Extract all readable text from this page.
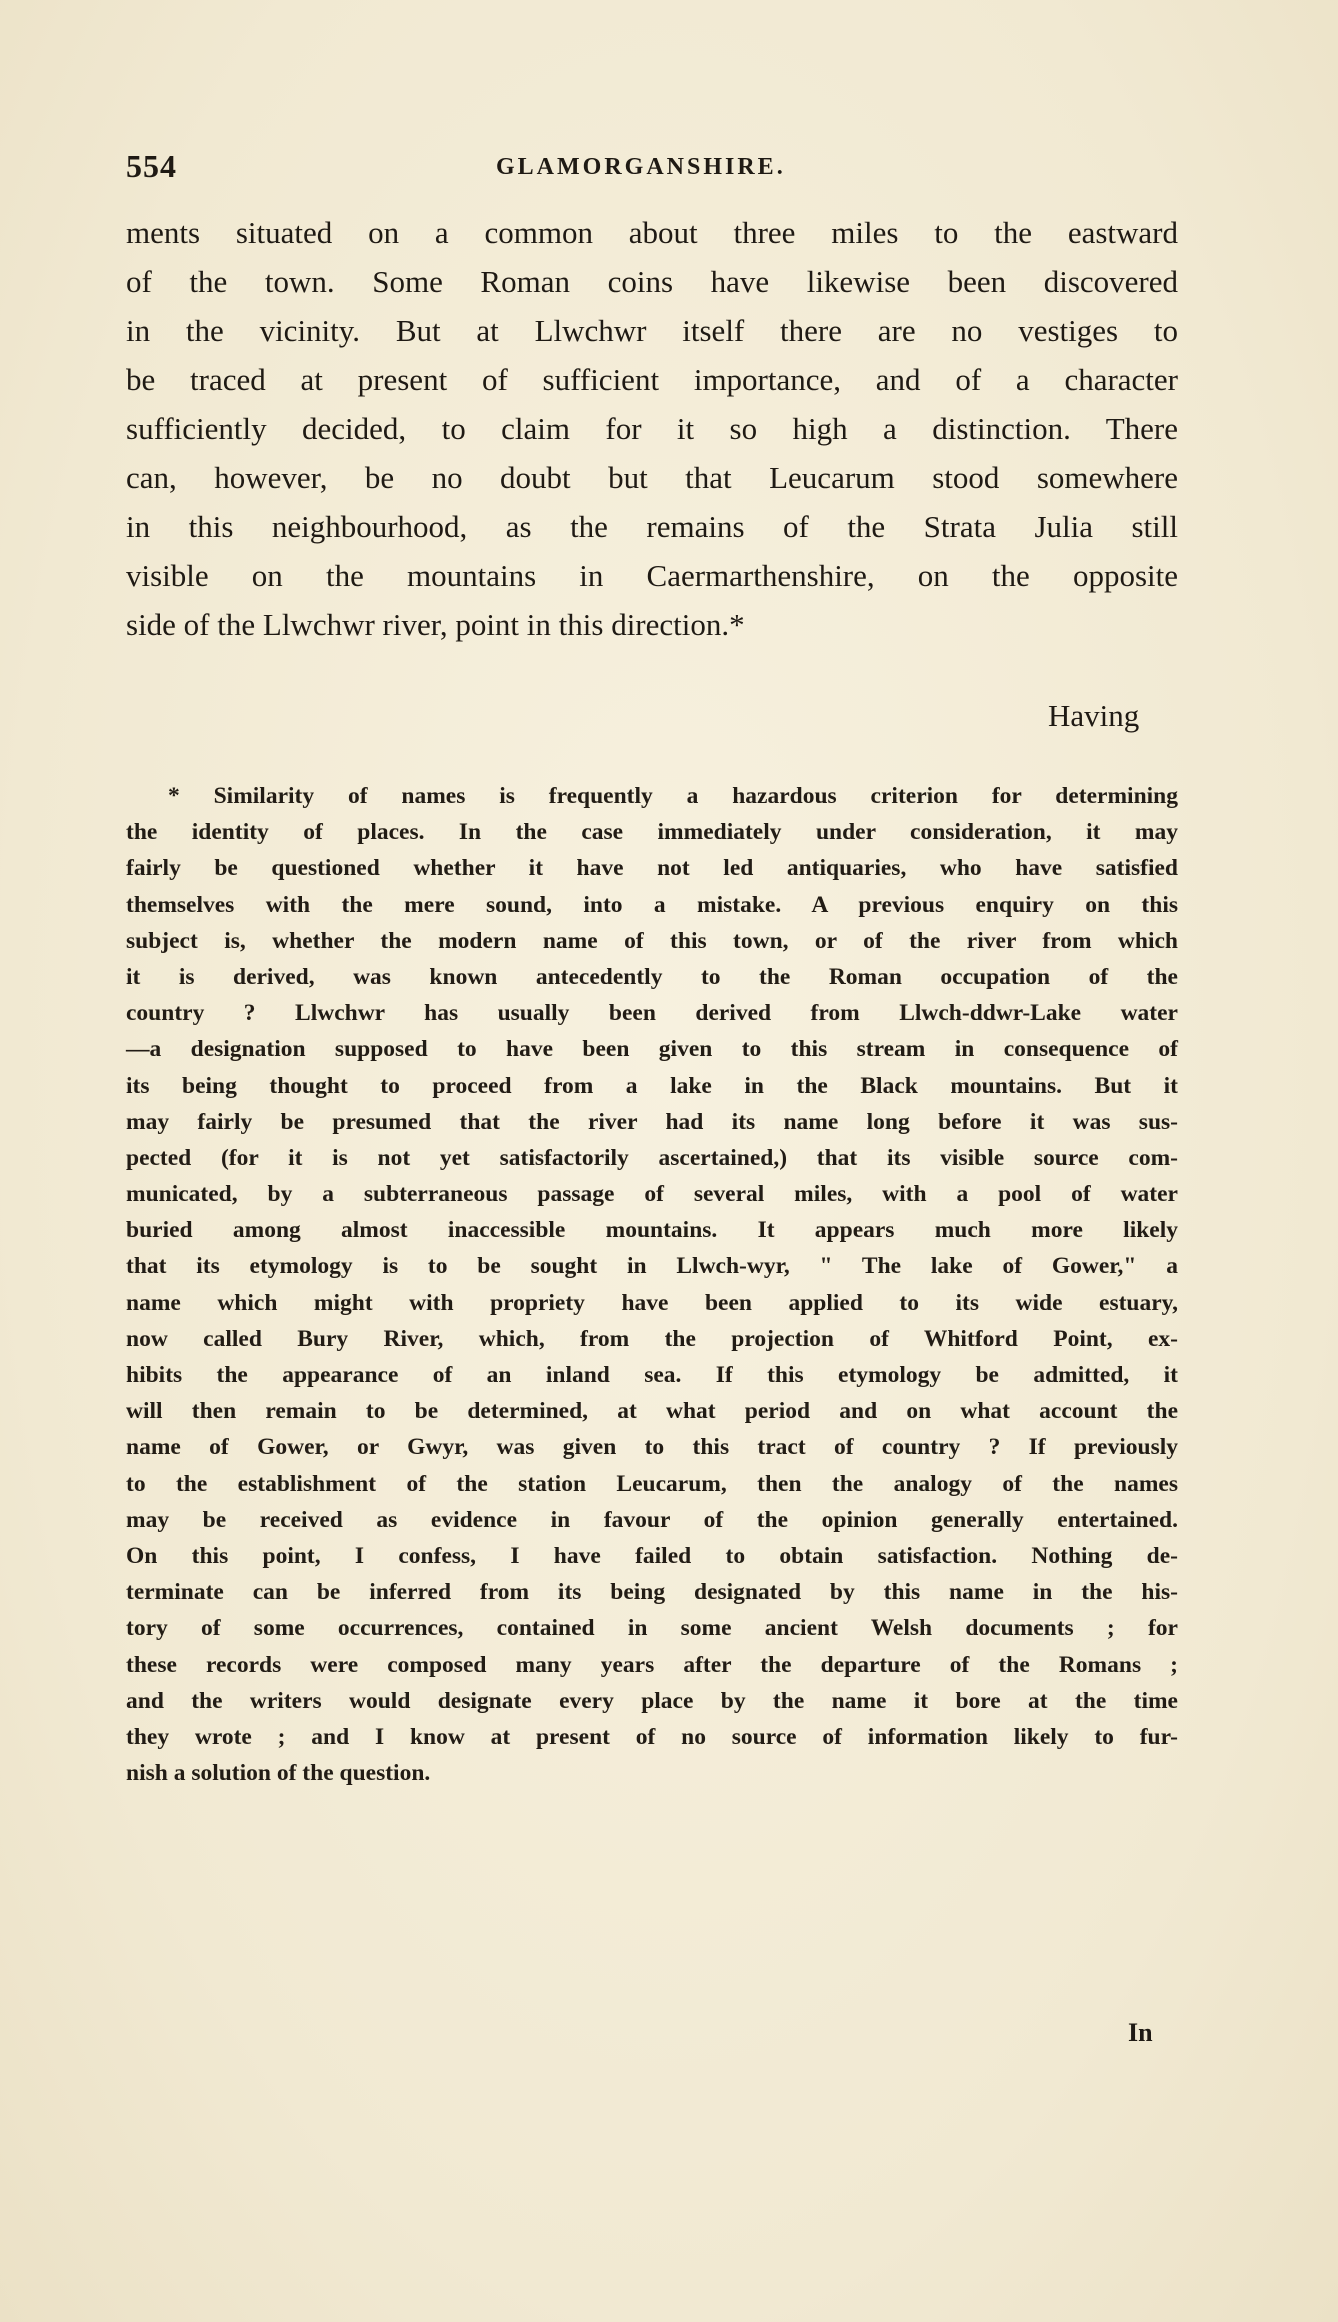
554	GLAMORGANSHIRE.
ments situated on a common about three miles to the eastward
of the town. Some Roman coins have likewise been discovered
in the vicinity. But at Llwchwr itself there are no vestiges to
be traced at present of sufficient importance, and of a character
sufficiently decided, to claim for it so high a distinction. There
can, however, be no doubt but that Leucarum stood somewhere
in this neighbourhood, as the remains of the Strata Julia still
visible on the mountains in Caermarthenshire, on the opposite
side of the Llwchwr river, point in this direction.*
Having
* Similarity of names is frequently a hazardous criterion for determining
the identity of places. In the case immediately under consideration, it may
fairly be questioned whether it have not led antiquaries, who have satisfied
themselves with the mere sound, into a mistake. A previous enquiry on this
subject is, whether the modern name of this town, or of the river from which
it is derived, was known antecedently to the Roman occupation of the
country ? Llwchwr has usually been derived from Llwch-ddwr-Lake water
—a designation supposed to have been given to this stream in consequence of
its being thought to proceed from a lake in the Black mountains. But it
may fairly be presumed that the river had its name long before it was sus-
pected (for it is not yet satisfactorily ascertained,) that its visible source com-
municated, by a subterraneous passage of several miles, with a pool of water
buried among almost inaccessible mountains. It appears much more likely
that its etymology is to be sought in Llwch-wyr, " The lake of Gower," a
name which might with propriety have been applied to its wide estuary,
now called Bury River, which, from the projection of Whitford Point, ex-
hibits the appearance of an inland sea. If this etymology be admitted, it
will then remain to be determined, at what period and on what account the
name of Gower, or Gwyr, was given to this tract of country ? If previously
to the establishment of the station Leucarum, then the analogy of the names
may be received as evidence in favour of the opinion generally entertained.
On this point, I confess, I have failed to obtain satisfaction. Nothing de-
terminate can be inferred from its being designated by this name in the his-
tory of some occurrences, contained in some ancient Welsh documents ; for
these records were composed many years after the departure of the Romans ;
and the writers would designate every place by the name it bore at the time
they wrote ; and I know at present of no source of information likely to fur-
nish a solution of the question.
In
